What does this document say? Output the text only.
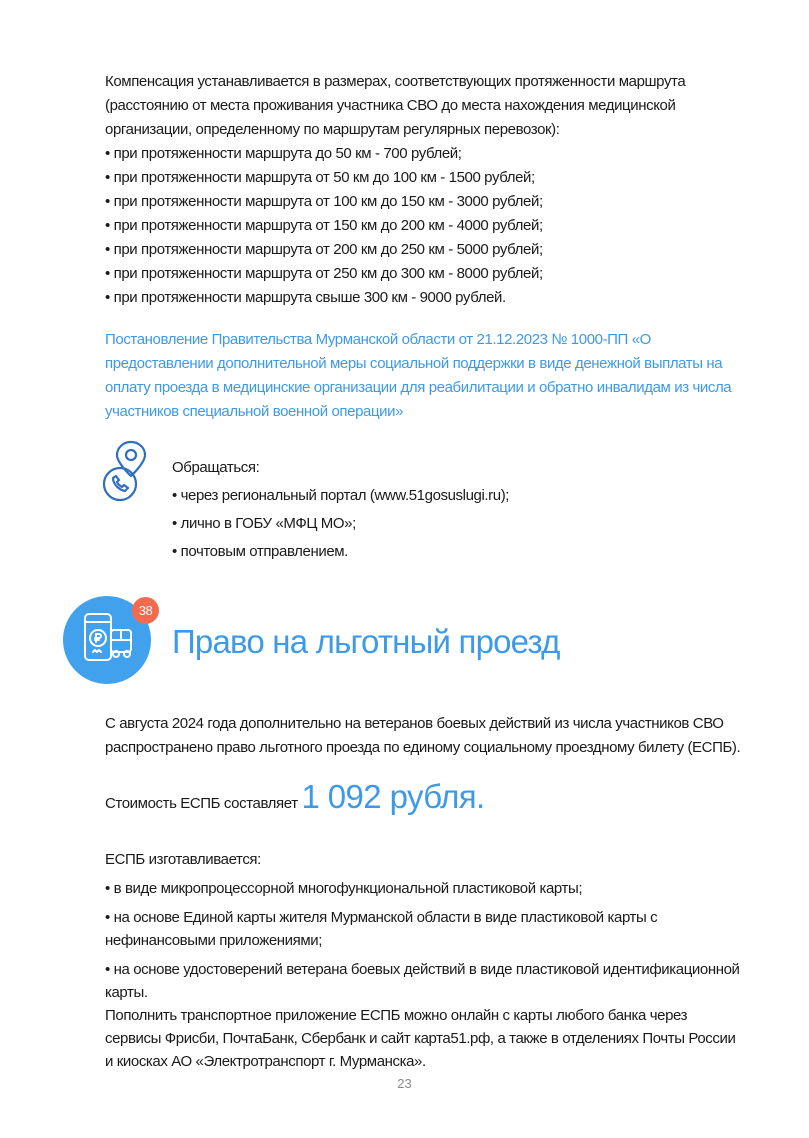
Компенсация устанавливается в размерах, соответствующих протяженности маршрута (расстоянию от места проживания участника СВО до места нахождения медицинской организации, определенному по маршрутам регулярных перевозок):

• при протяженности маршрута до 50 км - 700 рублей;
• при протяженности маршрута от 50 км до 100 км - 1500 рублей;
• при протяженности маршрута от 100 км до 150 км - 3000 рублей;
• при протяженности маршрута от 150 км до 200 км - 4000 рублей;
• при протяженности маршрута от 200 км до 250 км - 5000 рублей;
• при протяженности маршрута от 250 км до 300 км - 8000 рублей;
• при протяженности маршрута свыше 300 км - 9000 рублей.
Постановление Правительства Мурманской области от 21.12.2023 № 1000-ПП «О предоставлении дополнительной меры социальной поддержки в виде денежной выплаты на оплату проезда в медицинские организации для реабилитации и обратно инвалидам из числа участников специальной военной операции»
Обращаться:
• через региональный портал (www.51gosuslugi.ru);
• лично в ГОБУ «МФЦ МО»;
• почтовым отправлением.
38
Право на льготный проезд
С августа 2024 года дополнительно на ветеранов боевых действий из числа участников СВО распространено право льготного проезда по единому социальному проездному билету (ЕСПБ).
Стоимость ЕСПБ составляет 1 092 рубля.

ЕСПБ изготавливается:

• в виде микропроцессорной многофункциональной пластиковой карты;
• на основе Единой карты жителя Мурманской области в виде пластиковой карты с нефинансовыми приложениями;
• на основе удостоверений ветерана боевых действий в виде пластиковой идентификационной карты.

Пополнить транспортное приложение ЕСПБ можно онлайн с карты любого банка через сервисы Фрисби, ПочтаБанк, Сбербанк и сайт карта51.рф, а также в отделениях Почты России и киосках АО «Электротранспорт г. Мурманска».

23
